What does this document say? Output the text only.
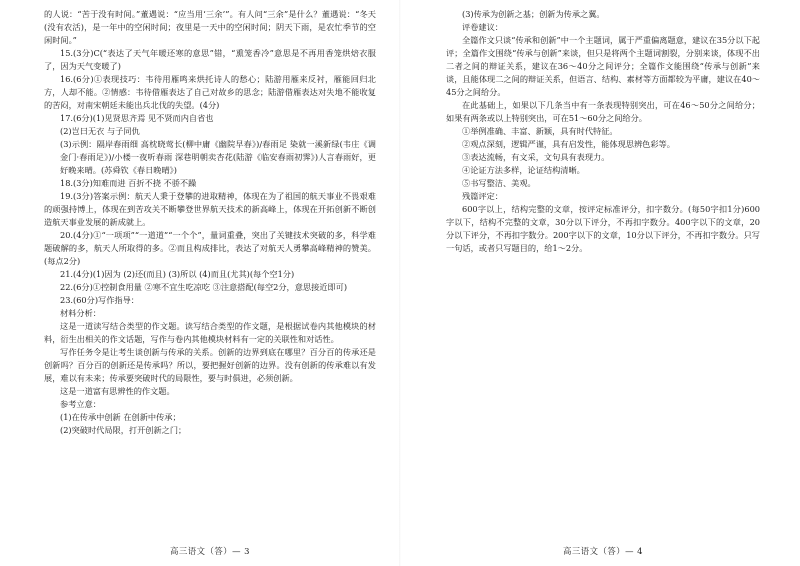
的人说：“苦于没有时间。”董遇说：“应当用‘三余’”。有人问“三余”是什么？董遇说：“冬天(没有农活)，是一年中的空闲时间；夜里是一天中的空闲时间；阴天下雨，是农忙季节的空闲时间。”

15.(3分)C(“表达了天气年暖还寒的意思”错，“熏笼香冷”意思是不再用香笼烘焙衣服了，因为天气变暖了)

16.(6分)①表现技巧：韦待用雁鸣来烘托诗人的愁心；陆游用雁来反衬，雁能回归北方，人却不能。②情感：韦待借雁表达了自己对故乡的思念；陆游借雁表达对失地不能收复的苦闷，对南宋朝廷未能出兵北伐的失望。(4分)

17.(6分)(1)见贤思齐焉 见不贤而内自省也

(2)岂曰无衣 与子同仇

(3)示例：隔岸春雨细 高枕晓莺长(柳中庸《幽院早春》)/春雨足 染就一溪新绿(韦庄《调金门·春雨足》)/小楼一夜听春雨 深巷明朝卖杏花(陆游《临安春雨初霁》)人言春雨好，更好晚来晴。(苏舜钦《春日晚晴》)

18.(3分)知难而进 百折不挠 不骄不躁

19.(3分)答案示例：航天人秉于登攀的进取精神，体现在为了祖国的航天事业不畏艰难的顽强持博上，体现在到苦攻关不断攀登世界航天技术的新高峰上，体现在开拓创新不断创造航天事业发展的新成就上。

20.(4分)①“一项项”“一道道”“一个个”，量词重叠，突出了关键技术突破的多，科学难题破解的多，航天人所取得的多。②而且构成排比，表达了对航天人勇攀高峰精神的赞美。(每点2分)

21.(4分)(1)因为 (2)还(而且) (3)所以 (4)而且(尤其)(每个空1分)

22.(6分)①控制食用量 ②寒不宜生吃凉吃 ③注意搭配(每空2分，意思接近即可)

23.(60分)写作指导：

材料分析：

这是一道读写结合类型的作文题。读写结合类型的作文题，是根据试卷内其他模块的材料，衍生出相关的作文话题，写作与卷内其他模块材料有一定的关联性和对话性。

写作任务令是让考生谈创新与传承的关系。创新的边界到底在哪里？百分百的传承还是创新吗？百分百的创新还是传承吗？所以，要把握好创新的边界。没有创新的传承难以有发展，难以有未来；传承要突破时代的局限性，要与时俱进，必须创新。

这是一道富有思辨性的作文题。

参考立意：

(1)在传承中创新 在创新中传承；

(2)突破时代局限，打开创新之门；

高三语文（答）— 3

(3)传承为创新之基；创新为传承之翼。

评卷建议：

全篇作文只谈“传承和创新”中一个主题词，属于严重偏离题意，建议在35分以下起评；全篇作文围绕“传承与创新”来谈，但只是将两个主题词割裂，分别来谈，体现不出二者之间的辩证关系，建议在36～40分之间评分；全篇作文能围绕“传承与创新”来谈，且能体现二之间的辩证关系，但语言、结构、素材等方面都较为平庸，建议在40～45分之间给分。

在此基础上，如果以下几条当中有一条表现特别突出，可在46～50分之间给分；如果有两条或以上特别突出，可在51～60分之间给分。

①举例准确、丰富、新颖，具有时代特征。

②观点深刻，逻辑严谨，具有启发性，能体现思辨色彩等。

③表达流畅，有文采，文句具有表现力。

④论证方法多样，论证结构清晰。

⑤书写整洁、美观。

残篇评定：

600字以上，结构完整的文章，按评定标准评分，扣字数分。(每50字扣1分)600字以下，结构不完整的文章，30分以下评分，不再扣字数分。400字以下的文章，20分以下评分，不再扣字数分。200字以下的文章，10分以下评分，不再扣字数分。只写一句话，或者只写题目的，给1～2分。

高三语文（答）— 4
